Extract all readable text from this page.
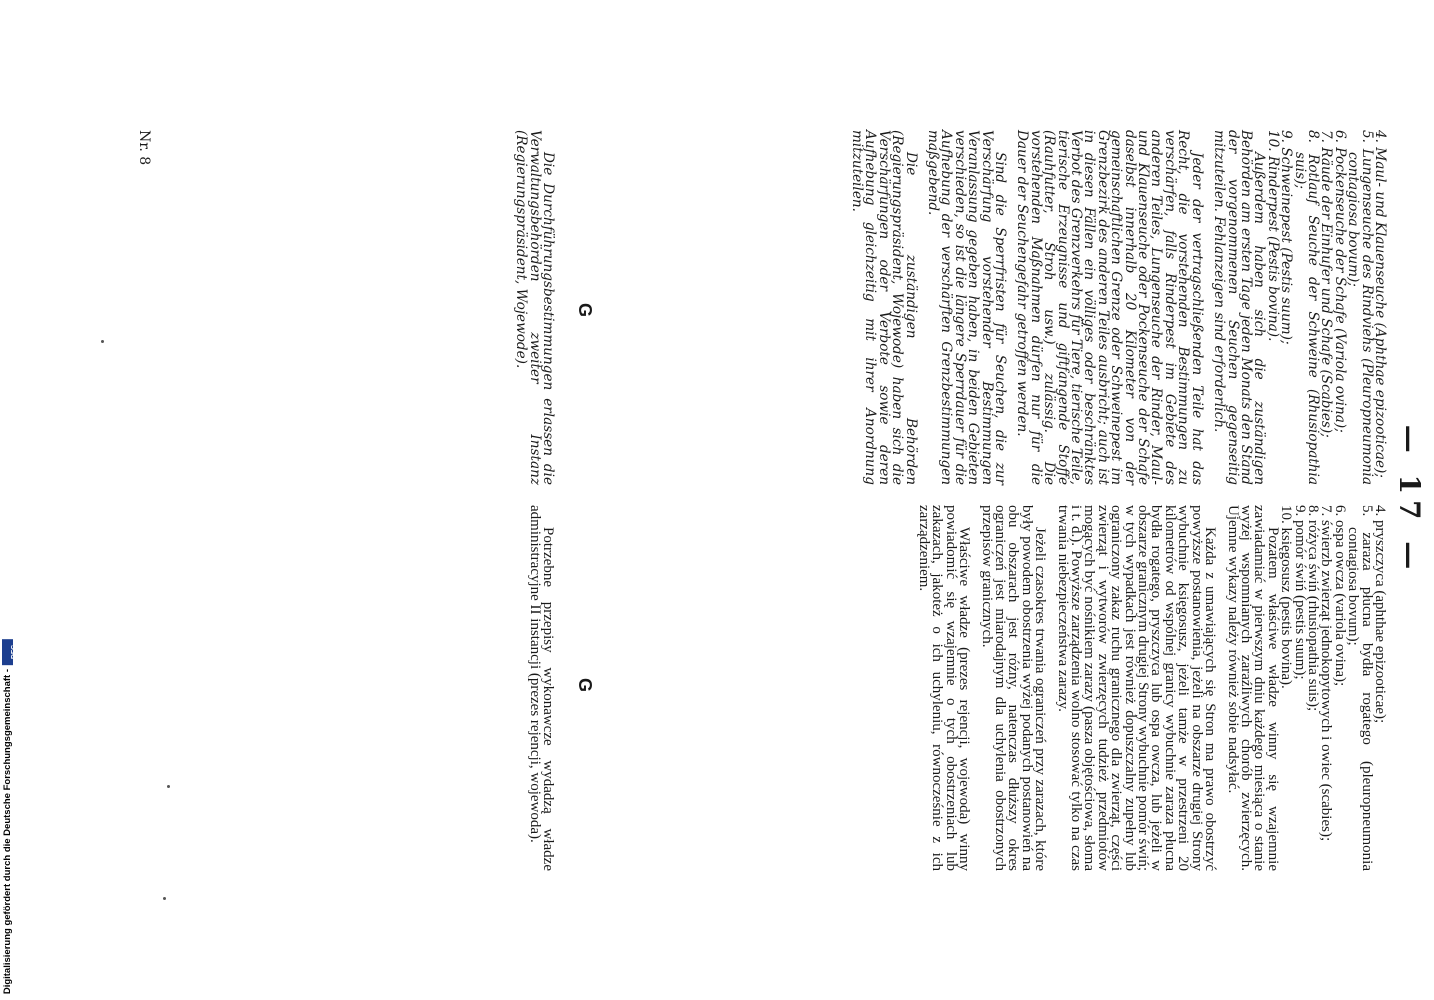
— 17 —

4. Maul- und Klauenseuche (Aphthae epizooticae);

5. Lungenseuche des Rindviehs (Pleuropneumonia contagiosa bovum);

6. Pockenseuche der Schafe (Variola ovina);

7. Räude der Einhufer und Schafe (Scabies);

8. Rotlauf Seuche der Schweine (Rhusiopathia suis);

9. Schweinepest (Pestis suum);

10. Rinderpest (Pestis bovina).

Außerdem haben sich die zuständigen Behörden am ersten Tage jeden Monats den Stand der vorgenommenen Seuchen gegenseitig mitzuteilen. Fehlanzeigen sind erforderlich.

Jeder der vertragschließenden Teile hat das Recht, die vorstehenden Bestimmungen zu verschärfen, falls Rinderpest im Gebiete des anderen Teiles, Lungenseuche der Rinder, Maul- und Klauenseuche oder Pockenseuche der Schafe daselbst innerhalb 20 Kilometer von der gemeinschaftlichen Grenze oder Schweinepest im Grenzbezirk des anderen Teiles ausbricht; auch ist in diesen Fällen ein völliges oder beschränktes Verbot des Grenzverkehrs für Tiere, tierische Teile, tierische Erzeugnisse und giftfangende Stoffe (Rauhfutter, Stroh usw.) zulässig. Die vorstehenden Maßnahmen dürfen nur für die Dauer der Seuchengefahr getroffen werden.

Sind die Sperrfristen für Seuchen, die zur Verschärfung vorstehender Bestimmungen Veranlassung gegeben haben, in beiden Gebieten verschieden, so ist die längere Sperrdauer für die Aufhebung der verschärften Grenzbestimmungen maßgebend.

Die zuständigen Behörden (Regierungspräsident, Wojewode) haben sich die Verschärfungen oder Verbote sowie deren Aufhebung gleichzeitig mit ihrer Anordnung mitzuteilen.

G

Die Durchführungsbestimmungen erlassen die Verwaltungsbehörden zweiter Instanz (Regierungspräsident, Wojewode).

Nr. 8

4. pryszczyca (aphthae epizooticae);

5. zaraza płucna bydła rogatego (pleuropneumonia contagiosa bovum);

6. ospa owcza (variola ovina);

7. świerzb zwierząt jednokopytowych i owiec (scabies);

8. różyca świń (rhusiopathia suis);

9. pomór świń (pestis suum);

10. księgosusz (pestis bovina).

Pozatem właściwe władze winny się wzajemnie zawiadamiać w pierwszym dniu każdego miesiąca o stanie wyżej wspomnianych zaraźliwych chorób zwierzęcych. Ujemne wykazy należy również sobie nadsyłać.

Każda z umawiających się Stron ma prawo obostrzyć powyższe postanowienia, jeżeli na obszarze drugiej Strony wybuchnie księgosusz, jeżeli tamże w przestrzeni 20 kilometrów od wspólnej granicy wybuchnie zaraza płucna bydła rogatego, pryszczyca lub ospa owcza, lub jeżeli w obszarze granicznym drugiej Strony wybuchnie pomór świń; w tych wypadkach jest również dopuszczalny zupełny lub ograniczony zakaz ruchu granicznego dla zwierząt, części zwierząt i wytworów zwierzęcych tudzież przedmiotów mogących być nośnikiem zarazy (pasza objętościowa, słoma i t. d.). Powyższe zarządzenia wolno stosować tylko na czas trwania niebezpieczeństwa zarazy.

Jeżeli czasokres trwania ograniczeń przy zarazach, które były powodem obostrzenia wyżej podanych postanowień na obu obszarach jest różny, natenczas dłuższy okres ograniczeń jest miarodajnym dla uchylenia obostrzonych przepisów granicznych.

Właściwe władze (prezes rejencji, wojewoda) winny powiadomić się wzajemnie o tych obostrzeniach lub zakazach, jakoteż o ich uchyleniu, równocześnie z ich zarządzeniem.

G

Potrzebne przepisy wykonawcze wydadzą władze administracyjne II instancji (prezes rejencji, wojewoda).

Digitalisierung gefördert durch die Deutsche Forschungsgemeinschaft -
DFG
